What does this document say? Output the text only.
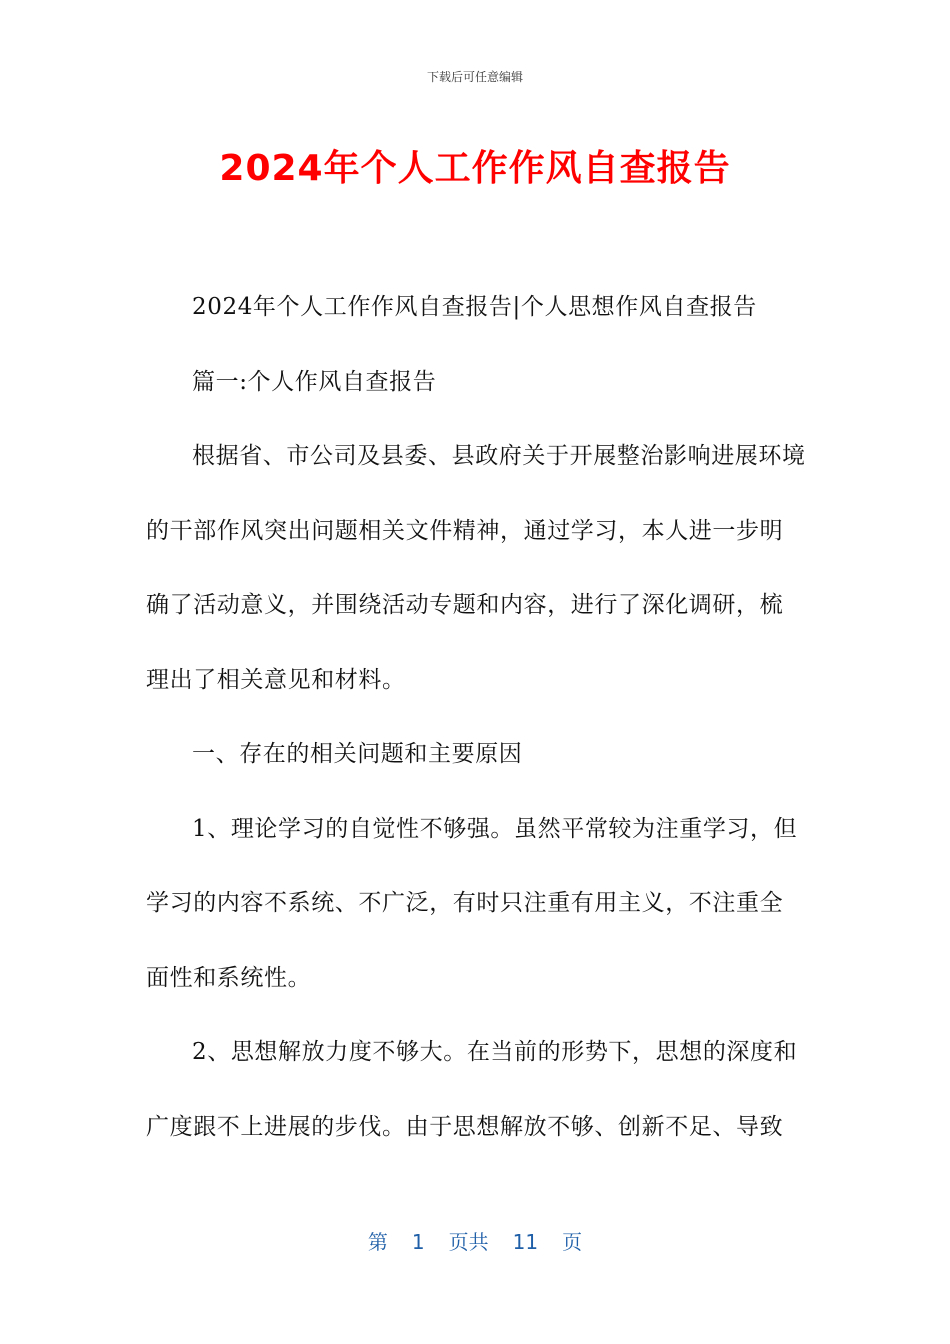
下载后可任意编辑
2024年个人工作作风自查报告

2024年个人工作作风自查报告|个人思想作风自查报告

篇一:个人作风自查报告

根据省、市公司及县委、县政府关于开展整治影响进展环境的干部作风突出问题相关文件精神，通过学习，本人进一步明确了活动意义，并围绕活动专题和内容，进行了深化调研，梳理出了相关意见和材料。

一、存在的相关问题和主要原因

1、理论学习的自觉性不够强。虽然平常较为注重学习，但学习的内容不系统、不广泛，有时只注重有用主义，不注重全面性和系统性。

2、思想解放力度不够大。在当前的形势下，思想的深度和广度跟不上进展的步伐。由于思想解放不够、创新不足、导致

第 1 页共 11 页
